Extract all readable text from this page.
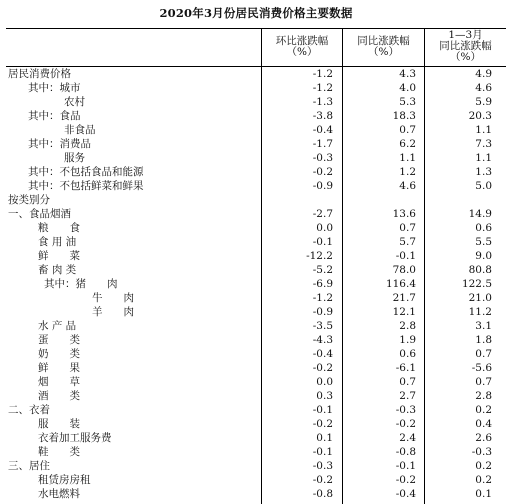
2020年3月份居民消费价格主要数据
环比涨跌幅
（%）
同比涨跌幅
（%）
1—3月
同比涨跌幅
（%）
居民消费价格	-1.2	4.3	4.9
其中：城市	-1.2	4.0	4.6
农村	-1.3	5.3	5.9
其中：食品	-3.8	18.3	20.3
非食品	-0.4	0.7	1.1
其中：消费品	-1.7	6.2	7.3
服务	-0.3	1.1	1.1
其中：不包括食品和能源	-0.2	1.2	1.3
其中：不包括鲜菜和鲜果	-0.9	4.6	5.0
按类别分
一、食品烟酒	-2.7	13.6	14.9
粮　　食	0.0	0.7	0.6
食 用 油	-0.1	5.7	5.5
鲜　　菜	-12.2	-0.1	9.0
畜 肉 类	-5.2	78.0	80.8
其中：猪　　肉	-6.9	116.4	122.5
牛　　肉	-1.2	21.7	21.0
羊　　肉	-0.9	12.1	11.2
水 产 品	-3.5	2.8	3.1
蛋　　类	-4.3	1.9	1.8
奶　　类	-0.4	0.6	0.7
鲜　　果	-0.2	-6.1	-5.6
烟　　草	0.0	0.7	0.7
酒　　类	0.3	2.7	2.8
二、衣着	-0.1	-0.3	0.2
服　　装	-0.2	-0.2	0.4
衣着加工服务费	0.1	2.4	2.6
鞋　　类	-0.1	-0.8	-0.3
三、居住	-0.3	-0.1	0.2
租赁房房租	-0.2	-0.2	0.2
水电燃料	-0.8	-0.4	0.1
